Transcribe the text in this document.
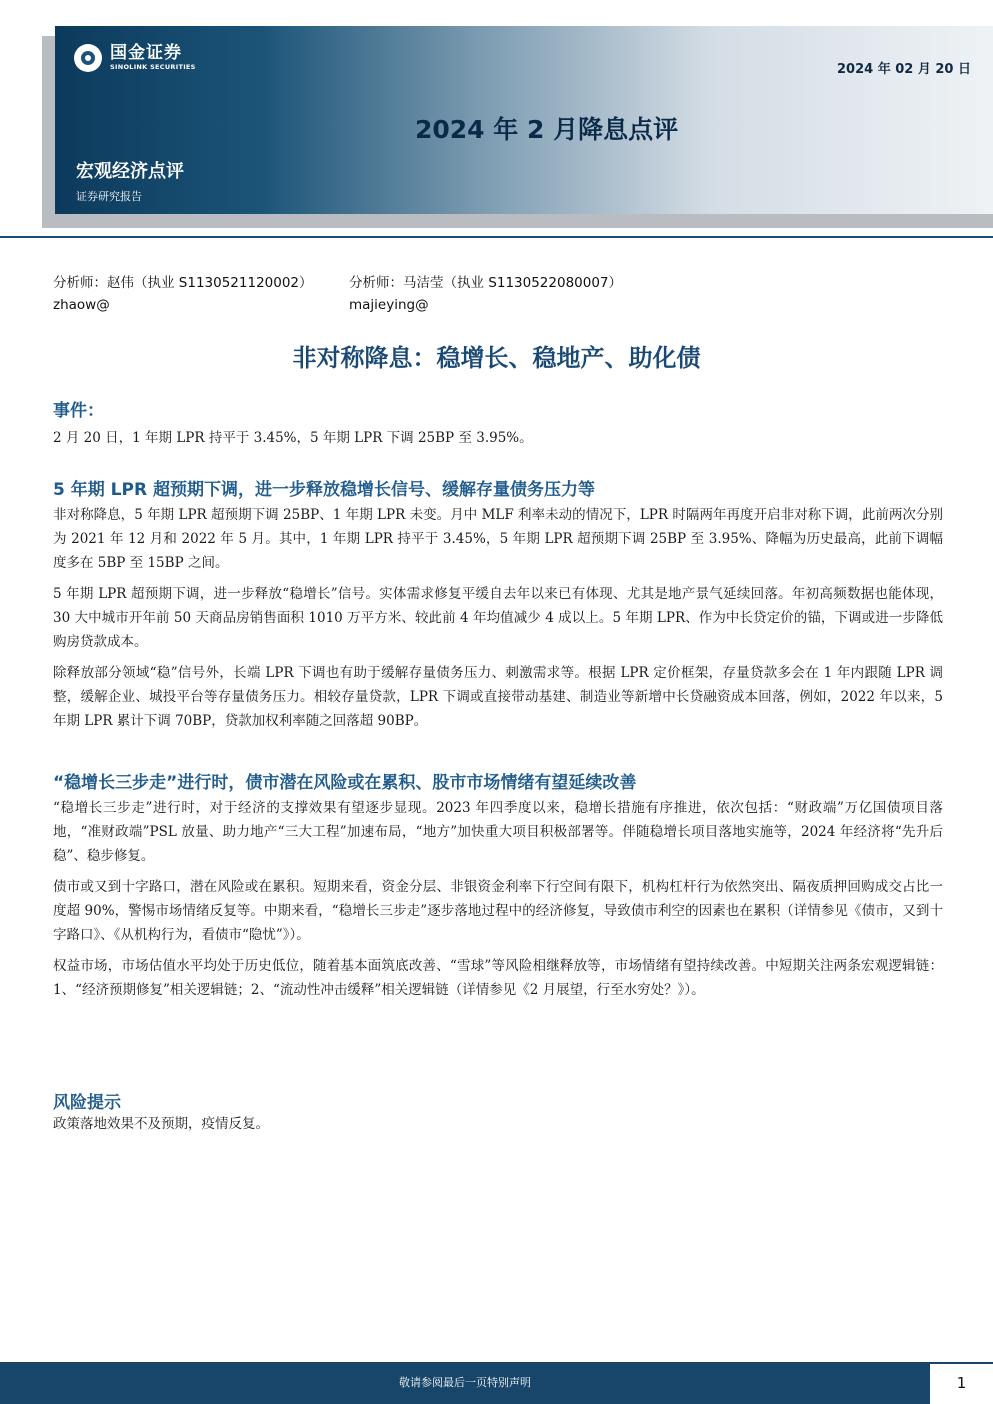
国金证券
SINOLINK SECURITIES	2024 年 02 月 20 日
2024 年 2 月降息点评
宏观经济点评
证券研究报告
分析师：赵伟（执业 S1130521120002）
zhaow@
分析师：马洁莹（执业 S1130522080007）
majieying@
非对称降息：稳增长、稳地产、助化债
事件：

2 月 20 日，1 年期 LPR 持平于 3.45%，5 年期 LPR 下调 25BP 至 3.95%。

5 年期 LPR 超预期下调，进一步释放稳增长信号、缓解存量债务压力等

非对称降息，5 年期 LPR 超预期下调 25BP、1 年期 LPR 未变。月中 MLF 利率未动的情况下，LPR 时隔两年再度开启非对称下调，此前两次分别为 2021 年 12 月和 2022 年 5 月。其中，1 年期 LPR 持平于 3.45%，5 年期 LPR 超预期下调 25BP 至 3.95%、降幅为历史最高，此前下调幅度多在 5BP 至 15BP 之间。

5 年期 LPR 超预期下调，进一步释放“稳增长”信号。实体需求修复平缓自去年以来已有体现、尤其是地产景气延续回落。年初高频数据也能体现，30 大中城市开年前 50 天商品房销售面积 1010 万平方米、较此前 4 年均值减少 4 成以上。5 年期 LPR、作为中长贷定价的锚，下调或进一步降低购房贷款成本。

除释放部分领域“稳”信号外，长端 LPR 下调也有助于缓解存量债务压力、刺激需求等。根据 LPR 定价框架，存量贷款多会在 1 年内跟随 LPR 调整，缓解企业、城投平台等存量债务压力。相较存量贷款，LPR 下调或直接带动基建、制造业等新增中长贷融资成本回落，例如，2022 年以来，5 年期 LPR 累计下调 70BP，贷款加权利率随之回落超 90BP。

“稳增长三步走”进行时，债市潜在风险或在累积、股市市场情绪有望延续改善

“稳增长三步走”进行时，对于经济的支撑效果有望逐步显现。2023 年四季度以来，稳增长措施有序推进，依次包括：“财政端”万亿国债项目落地，“准财政端”PSL 放量、助力地产“三大工程”加速布局，“地方”加快重大项目积极部署等。伴随稳增长项目落地实施等，2024 年经济将“先升后稳”、稳步修复。

债市或又到十字路口，潜在风险或在累积。短期来看，资金分层、非银资金利率下行空间有限下，机构杠杆行为依然突出、隔夜质押回购成交占比一度超 90%，警惕市场情绪反复等。中期来看，“稳增长三步走”逐步落地过程中的经济修复，导致债市利空的因素也在累积（详情参见《债市，又到十字路口》、《从机构行为，看债市“隐忧”》）。

权益市场，市场估值水平均处于历史低位，随着基本面筑底改善、“雪球”等风险相继释放等，市场情绪有望持续改善。中短期关注两条宏观逻辑链：1、“经济预期修复”相关逻辑链；2、“流动性冲击缓释”相关逻辑链（详情参见《2 月展望，行至水穷处？》）。

风险提示

政策落地效果不及预期，疫情反复。

敬请参阅最后一页特别声明	1
